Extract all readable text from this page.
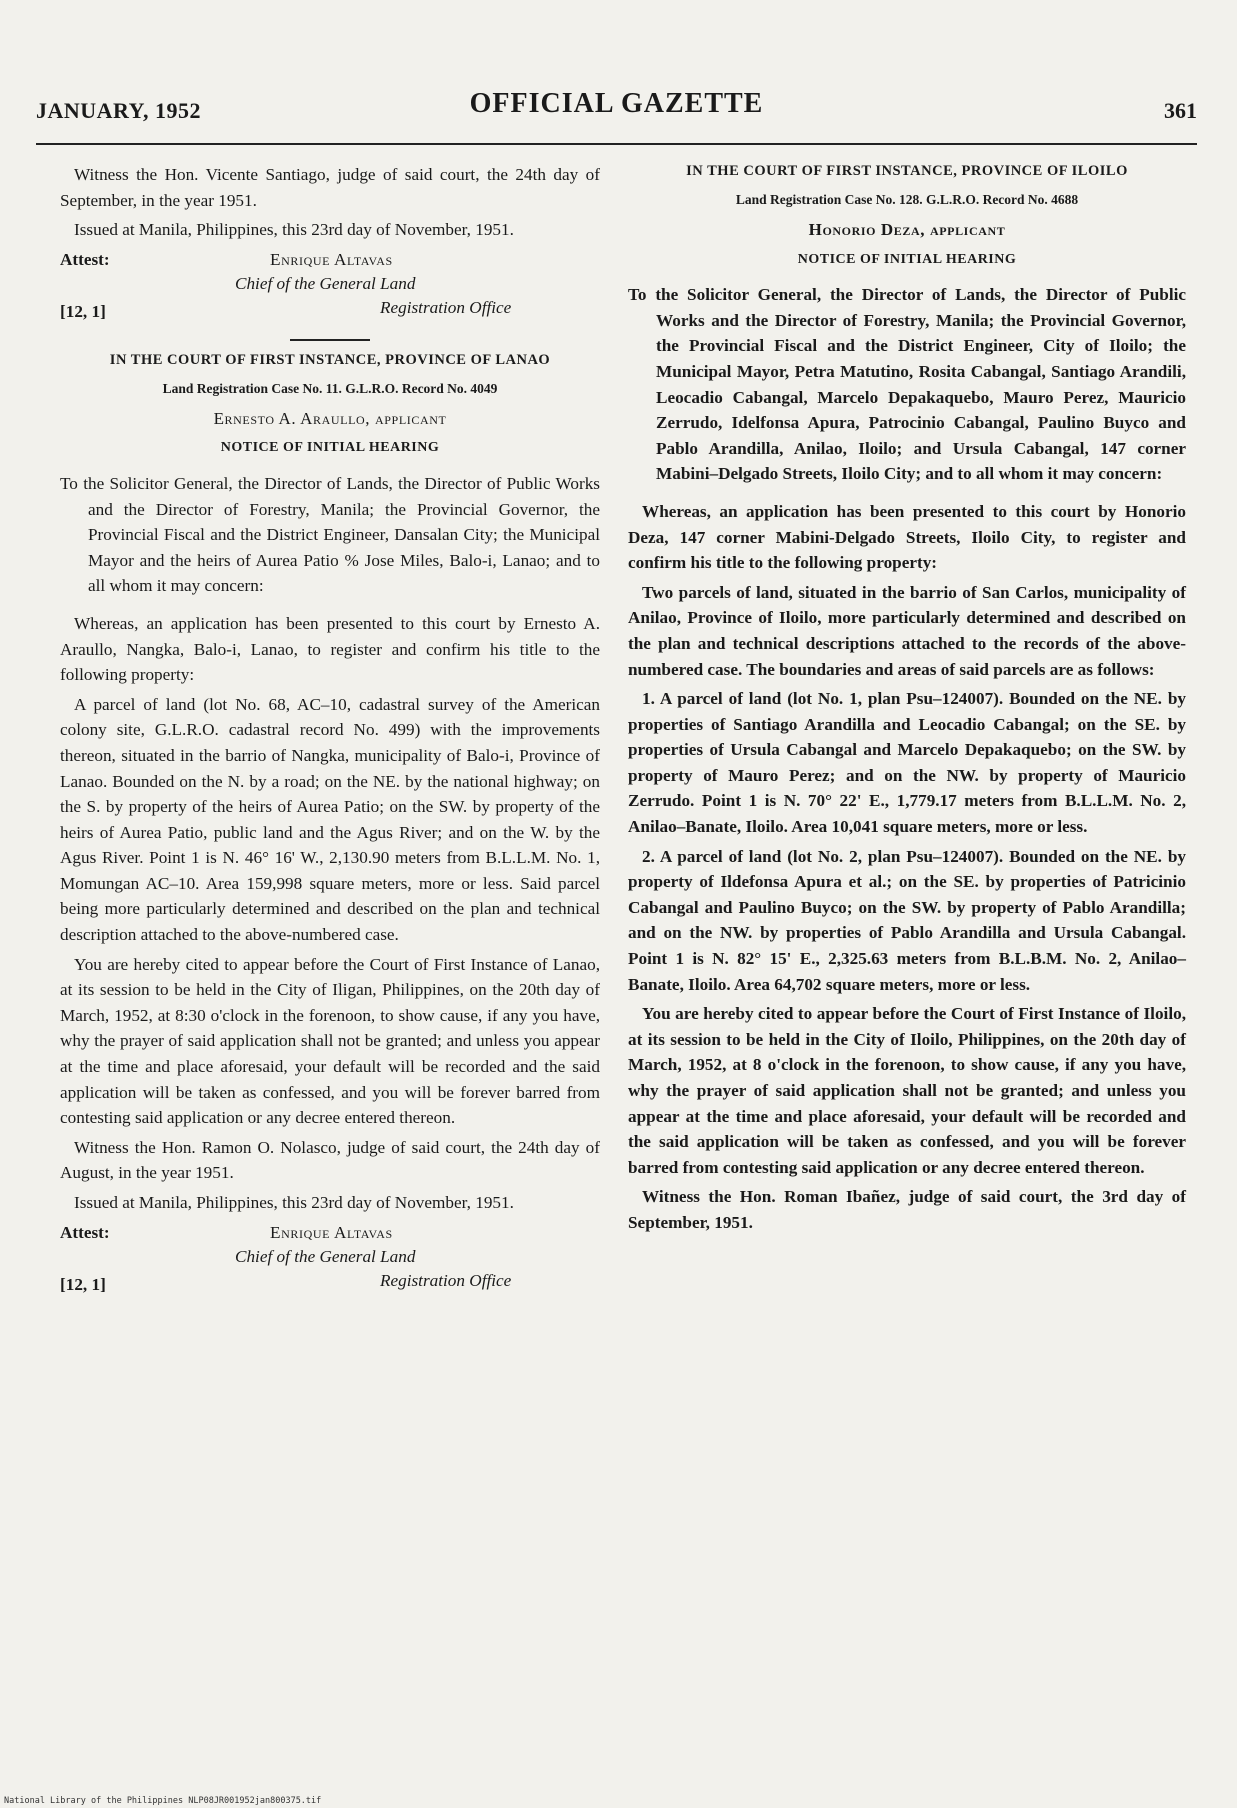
JANUARY, 1952	OFFICIAL GAZETTE	361

Witness the Hon. Vicente Santiago, judge of said court, the 24th day of September, in the year 1951.

Issued at Manila, Philippines, this 23rd day of November, 1951.

Attest:	Enrique Altavas
Chief of the General Land
Registration Office
[12, 1]

IN THE COURT OF FIRST INSTANCE, PROVINCE OF LANAO

Land Registration Case No. 11. G.L.R.O. Record No. 4049

Ernesto A. Araullo, applicant

NOTICE OF INITIAL HEARING

To the Solicitor General, the Director of Lands, the Director of Public Works and the Director of Forestry, Manila; the Provincial Governor, the Provincial Fiscal and the District Engineer, Dansalan City; the Municipal Mayor and the heirs of Aurea Patio % Jose Miles, Balo-i, Lanao; and to all whom it may concern:

Whereas, an application has been presented to this court by Ernesto A. Araullo, Nangka, Balo-i, Lanao, to register and confirm his title to the following property:

A parcel of land (lot No. 68, AC–10, cadastral survey of the American colony site, G.L.R.O. cadastral record No. 499) with the improvements thereon, situated in the barrio of Nangka, municipality of Balo-i, Province of Lanao. Bounded on the N. by a road; on the NE. by the national highway; on the S. by property of the heirs of Aurea Patio; on the SW. by property of the heirs of Aurea Patio, public land and the Agus River; and on the W. by the Agus River. Point 1 is N. 46° 16' W., 2,130.90 meters from B.L.L.M. No. 1, Momungan AC–10. Area 159,998 square meters, more or less. Said parcel being more particularly determined and described on the plan and technical description attached to the above-numbered case.

You are hereby cited to appear before the Court of First Instance of Lanao, at its session to be held in the City of Iligan, Philippines, on the 20th day of March, 1952, at 8:30 o'clock in the forenoon, to show cause, if any you have, why the prayer of said application shall not be granted; and unless you appear at the time and place aforesaid, your default will be recorded and the said application will be taken as confessed, and you will be forever barred from contesting said application or any decree entered thereon.

Witness the Hon. Ramon O. Nolasco, judge of said court, the 24th day of August, in the year 1951.

Issued at Manila, Philippines, this 23rd day of November, 1951.

Attest:	Enrique Altavas
Chief of the General Land
Registration Office
[12, 1]

IN THE COURT OF FIRST INSTANCE, PROVINCE OF ILOILO

Land Registration Case No. 128. G.L.R.O. Record No. 4688

Honorio Deza, applicant

NOTICE OF INITIAL HEARING

To the Solicitor General, the Director of Lands, the Director of Public Works and the Director of Forestry, Manila; the Provincial Governor, the Provincial Fiscal and the District Engineer, City of Iloilo; the Municipal Mayor, Petra Matutino, Rosita Cabangal, Santiago Arandili, Leocadio Cabangal, Marcelo Depakaquebo, Mauro Perez, Mauricio Zerrudo, Idelfonsa Apura, Patrocinio Cabangal, Paulino Buyco and Pablo Arandilla, Anilao, Iloilo; and Ursula Cabangal, 147 corner Mabini–Delgado Streets, Iloilo City; and to all whom it may concern:

Whereas, an application has been presented to this court by Honorio Deza, 147 corner Mabini-Delgado Streets, Iloilo City, to register and confirm his title to the following property:

Two parcels of land, situated in the barrio of San Carlos, municipality of Anilao, Province of Iloilo, more particularly determined and described on the plan and technical descriptions attached to the records of the above-numbered case. The boundaries and areas of said parcels are as follows:

1. A parcel of land (lot No. 1, plan Psu–124007). Bounded on the NE. by properties of Santiago Arandilla and Leocadio Cabangal; on the SE. by properties of Ursula Cabangal and Marcelo Depakaquebo; on the SW. by property of Mauro Perez; and on the NW. by property of Mauricio Zerrudo. Point 1 is N. 70° 22' E., 1,779.17 meters from B.L.L.M. No. 2, Anilao–Banate, Iloilo. Area 10,041 square meters, more or less.

2. A parcel of land (lot No. 2, plan Psu–124007). Bounded on the NE. by property of Ildefonsa Apura et al.; on the SE. by properties of Patricinio Cabangal and Paulino Buyco; on the SW. by property of Pablo Arandilla; and on the NW. by properties of Pablo Arandilla and Ursula Cabangal. Point 1 is N. 82° 15' E., 2,325.63 meters from B.L.B.M. No. 2, Anilao–Banate, Iloilo. Area 64,702 square meters, more or less.

You are hereby cited to appear before the Court of First Instance of Iloilo, at its session to be held in the City of Iloilo, Philippines, on the 20th day of March, 1952, at 8 o'clock in the forenoon, to show cause, if any you have, why the prayer of said application shall not be granted; and unless you appear at the time and place aforesaid, your default will be recorded and the said application will be taken as confessed, and you will be forever barred from contesting said application or any decree entered thereon.

Witness the Hon. Roman Ibañez, judge of said court, the 3rd day of September, 1951.

National Library of the Philippines NLP08JR001952jan800375.tif
